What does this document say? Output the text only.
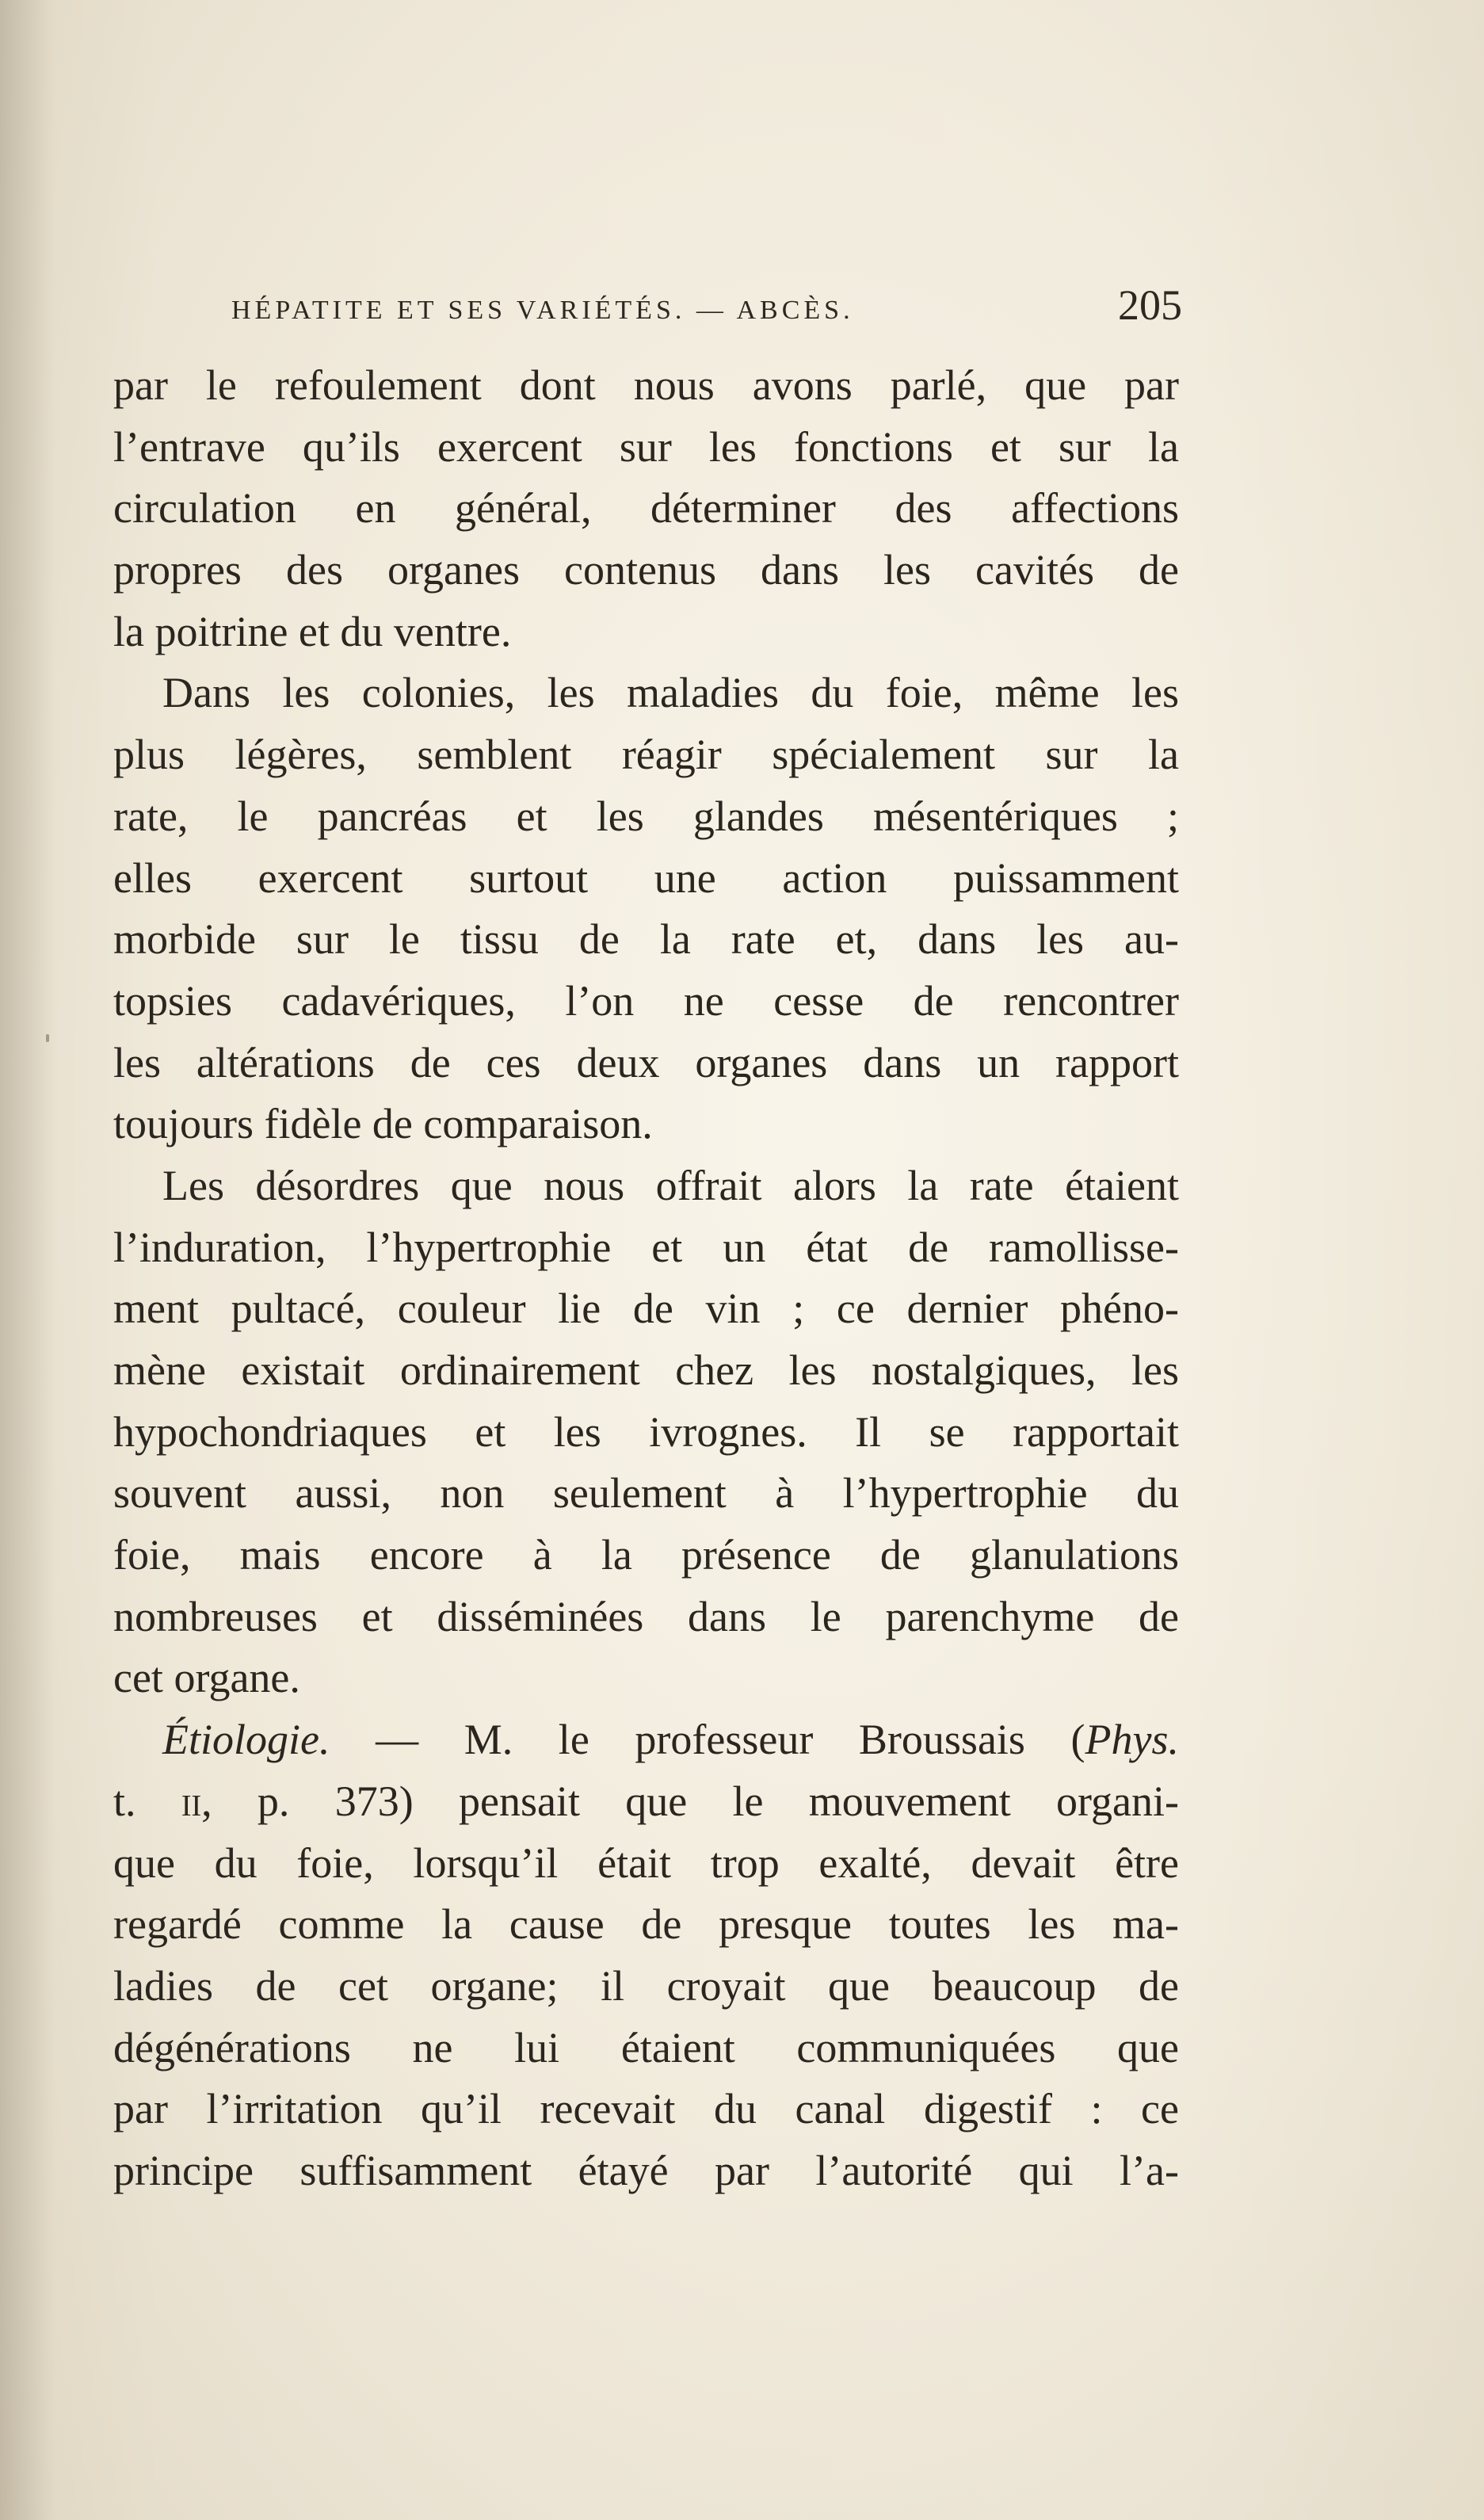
HÉPATITE ET SES VARIÉTÉS. — ABCÈS.	205
par le refoulement dont nous avons parlé, que par
l’entrave qu’ils exercent sur les fonctions et sur la
circulation en général, déterminer des affections
propres des organes contenus dans les cavités de
la poitrine et du ventre.
Dans les colonies, les maladies du foie, même les
plus légères, semblent réagir spécialement sur la
rate, le pancréas et les glandes mésentériques ;
elles exercent surtout une action puissamment
morbide sur le tissu de la rate et, dans les au-
topsies cadavériques, l’on ne cesse de rencontrer
les altérations de ces deux organes dans un rapport
toujours fidèle de comparaison.
Les désordres que nous offrait alors la rate étaient
l’induration, l’hypertrophie et un état de ramollisse-
ment pultacé, couleur lie de vin ; ce dernier phéno-
mène existait ordinairement chez les nostalgiques, les
hypochondriaques et les ivrognes. Il se rapportait
souvent aussi, non seulement à l’hypertrophie du
foie, mais encore à la présence de glanulations
nombreuses et disséminées dans le parenchyme de
cet organe.
Étiologie. — M. le professeur Broussais (Phys.
t. ii, p. 373) pensait que le mouvement organi-
que du foie, lorsqu’il était trop exalté, devait être
regardé comme la cause de presque toutes les ma-
ladies de cet organe; il croyait que beaucoup de
dégénérations ne lui étaient communiquées que
par l’irritation qu’il recevait du canal digestif : ce
principe suffisamment étayé par l’autorité qui l’a-
